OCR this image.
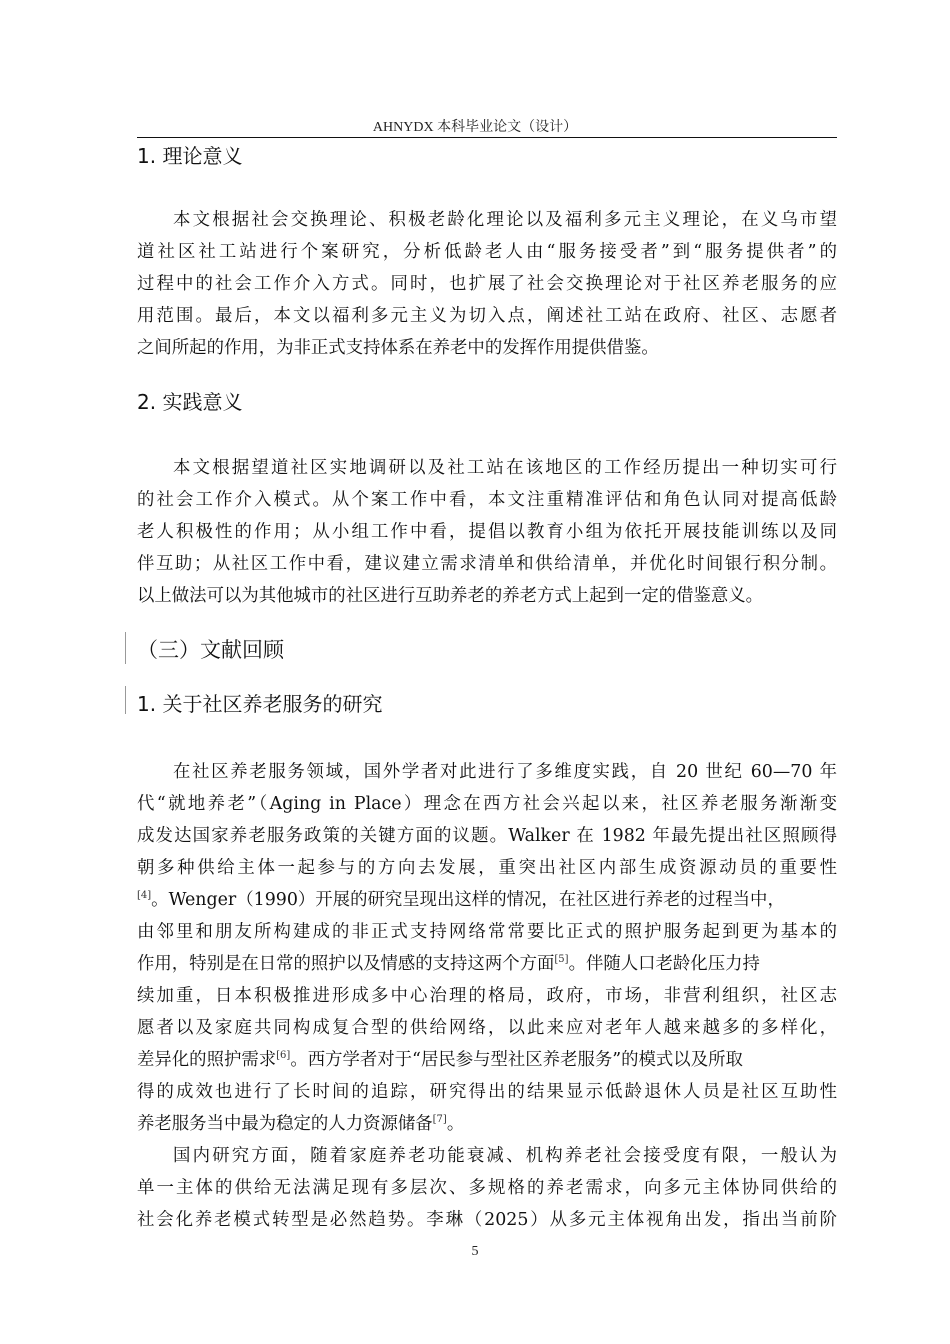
AHNYDX 本科毕业论文（设计）
1. 理论意义
本文根据社会交换理论、积极老龄化理论以及福利多元主义理论，在义乌市望
道社区社工站进行个案研究，分析低龄老人由“服务接受者”到“服务提供者”的
过程中的社会工作介入方式。同时，也扩展了社会交换理论对于社区养老服务的应
用范围。最后，本文以福利多元主义为切入点，阐述社工站在政府、社区、志愿者
之间所起的作用，为非正式支持体系在养老中的发挥作用提供借鉴。
2. 实践意义
本文根据望道社区实地调研以及社工站在该地区的工作经历提出一种切实可行
的社会工作介入模式。从个案工作中看，本文注重精准评估和角色认同对提高低龄
老人积极性的作用；从小组工作中看，提倡以教育小组为依托开展技能训练以及同
伴互助；从社区工作中看，建议建立需求清单和供给清单，并优化时间银行积分制。
以上做法可以为其他城市的社区进行互助养老的养老方式上起到一定的借鉴意义。
（三）文献回顾
1. 关于社区养老服务的研究
在社区养老服务领域，国外学者对此进行了多维度实践，自 20 世纪 60—70 年
代“就地养老”（Aging in Place）理念在西方社会兴起以来，社区养老服务渐渐变
成发达国家养老服务政策的关键方面的议题。Walker 在 1982 年最先提出社区照顾得
朝多种供给主体一起参与的方向去发展，重突出社区内部生成资源动员的重要性
[4]。Wenger（1990）开展的研究呈现出这样的情况，在社区进行养老的过程当中，
由邻里和朋友所构建成的非正式支持网络常常要比正式的照护服务起到更为基本的
作用，特别是在日常的照护以及情感的支持这两个方面[5]。伴随人口老龄化压力持
续加重，日本积极推进形成多中心治理的格局，政府，市场，非营利组织，社区志
愿者以及家庭共同构成复合型的供给网络，以此来应对老年人越来越多的多样化，
差异化的照护需求[6]。西方学者对于“居民参与型社区养老服务”的模式以及所取
得的成效也进行了长时间的追踪，研究得出的结果显示低龄退休人员是社区互助性
养老服务当中最为稳定的人力资源储备[7]。
国内研究方面，随着家庭养老功能衰减、机构养老社会接受度有限，一般认为
单一主体的供给无法满足现有多层次、多规格的养老需求，向多元主体协同供给的
社会化养老模式转型是必然趋势。李琳（2025）从多元主体视角出发，指出当前阶
5
